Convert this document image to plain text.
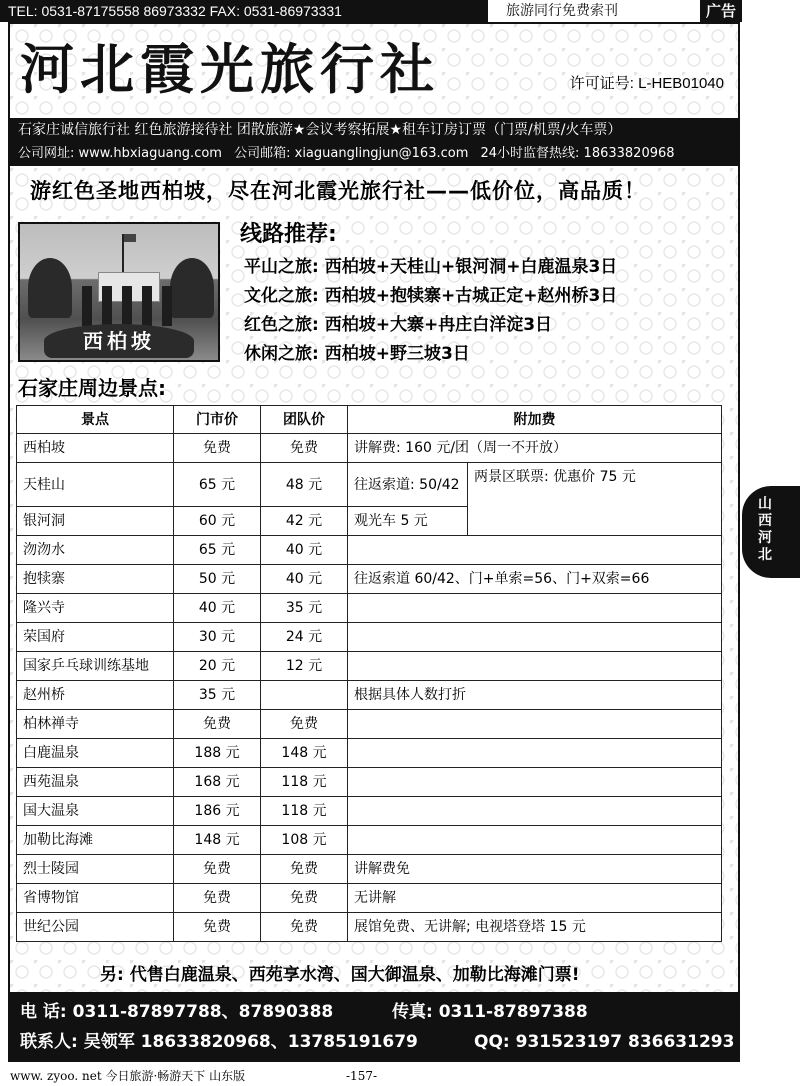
TEL: 0531-87175558 86973332 FAX: 0531-86973331	旅游同行免费索刊	广告
河北霞光旅行社	许可证号: L-HEB01040
石家庄诚信旅行社 红色旅游接待社 团散旅游★会议考察拓展★租车订房订票（门票/机票/火车票）
公司网址: www.hbxiaguang.com 公司邮箱: xiaguanglingjun@163.com 24小时监督热线: 18633820968
游红色圣地西柏坡，尽在河北霞光旅行社——低价位，高品质！
西柏坡
线路推荐:
平山之旅: 西柏坡+天桂山+银河洞+白鹿温泉3日
文化之旅: 西柏坡+抱犊寨+古城正定+赵州桥3日
红色之旅: 西柏坡+大寨+冉庄白洋淀3日
休闲之旅: 西柏坡+野三坡3日
石家庄周边景点:
景点	门市价	团队价	附加费	
西柏坡	免费	免费	讲解费: 160 元/团（周一不开放）	
天桂山	65 元	48 元	往返索道: 50/42	两景区联票: 优惠价 75 元
银河洞	60 元	42 元	观光车 5 元	
沕沕水	65 元	40 元		
抱犊寨	50 元	40 元	往返索道 60/42、门+单索=56、门+双索=66	
隆兴寺	40 元	35 元		
荣国府	30 元	24 元		
国家乒乓球训练基地	20 元	12 元		
赵州桥	35 元		根据具体人数打折	
柏林禅寺	免费	免费		
白鹿温泉	188 元	148 元		
西苑温泉	168 元	118 元		
国大温泉	186 元	118 元		
加勒比海滩	148 元	108 元		
烈士陵园	免费	免费	讲解费免	
省博物馆	免费	免费	无讲解	
世纪公园	免费	免费	展馆免费、无讲解; 电视塔登塔 15 元	
另: 代售白鹿温泉、西苑享水湾、国大御温泉、加勒比海滩门票!
电 话: 0311-87897788、87890388	传真: 0311-87897388
联系人: 吴领军 18633820968、13785191679	QQ: 931523197 836631293
www. zyoo. net 今日旅游·畅游天下 山东版	-157-
山西河北
